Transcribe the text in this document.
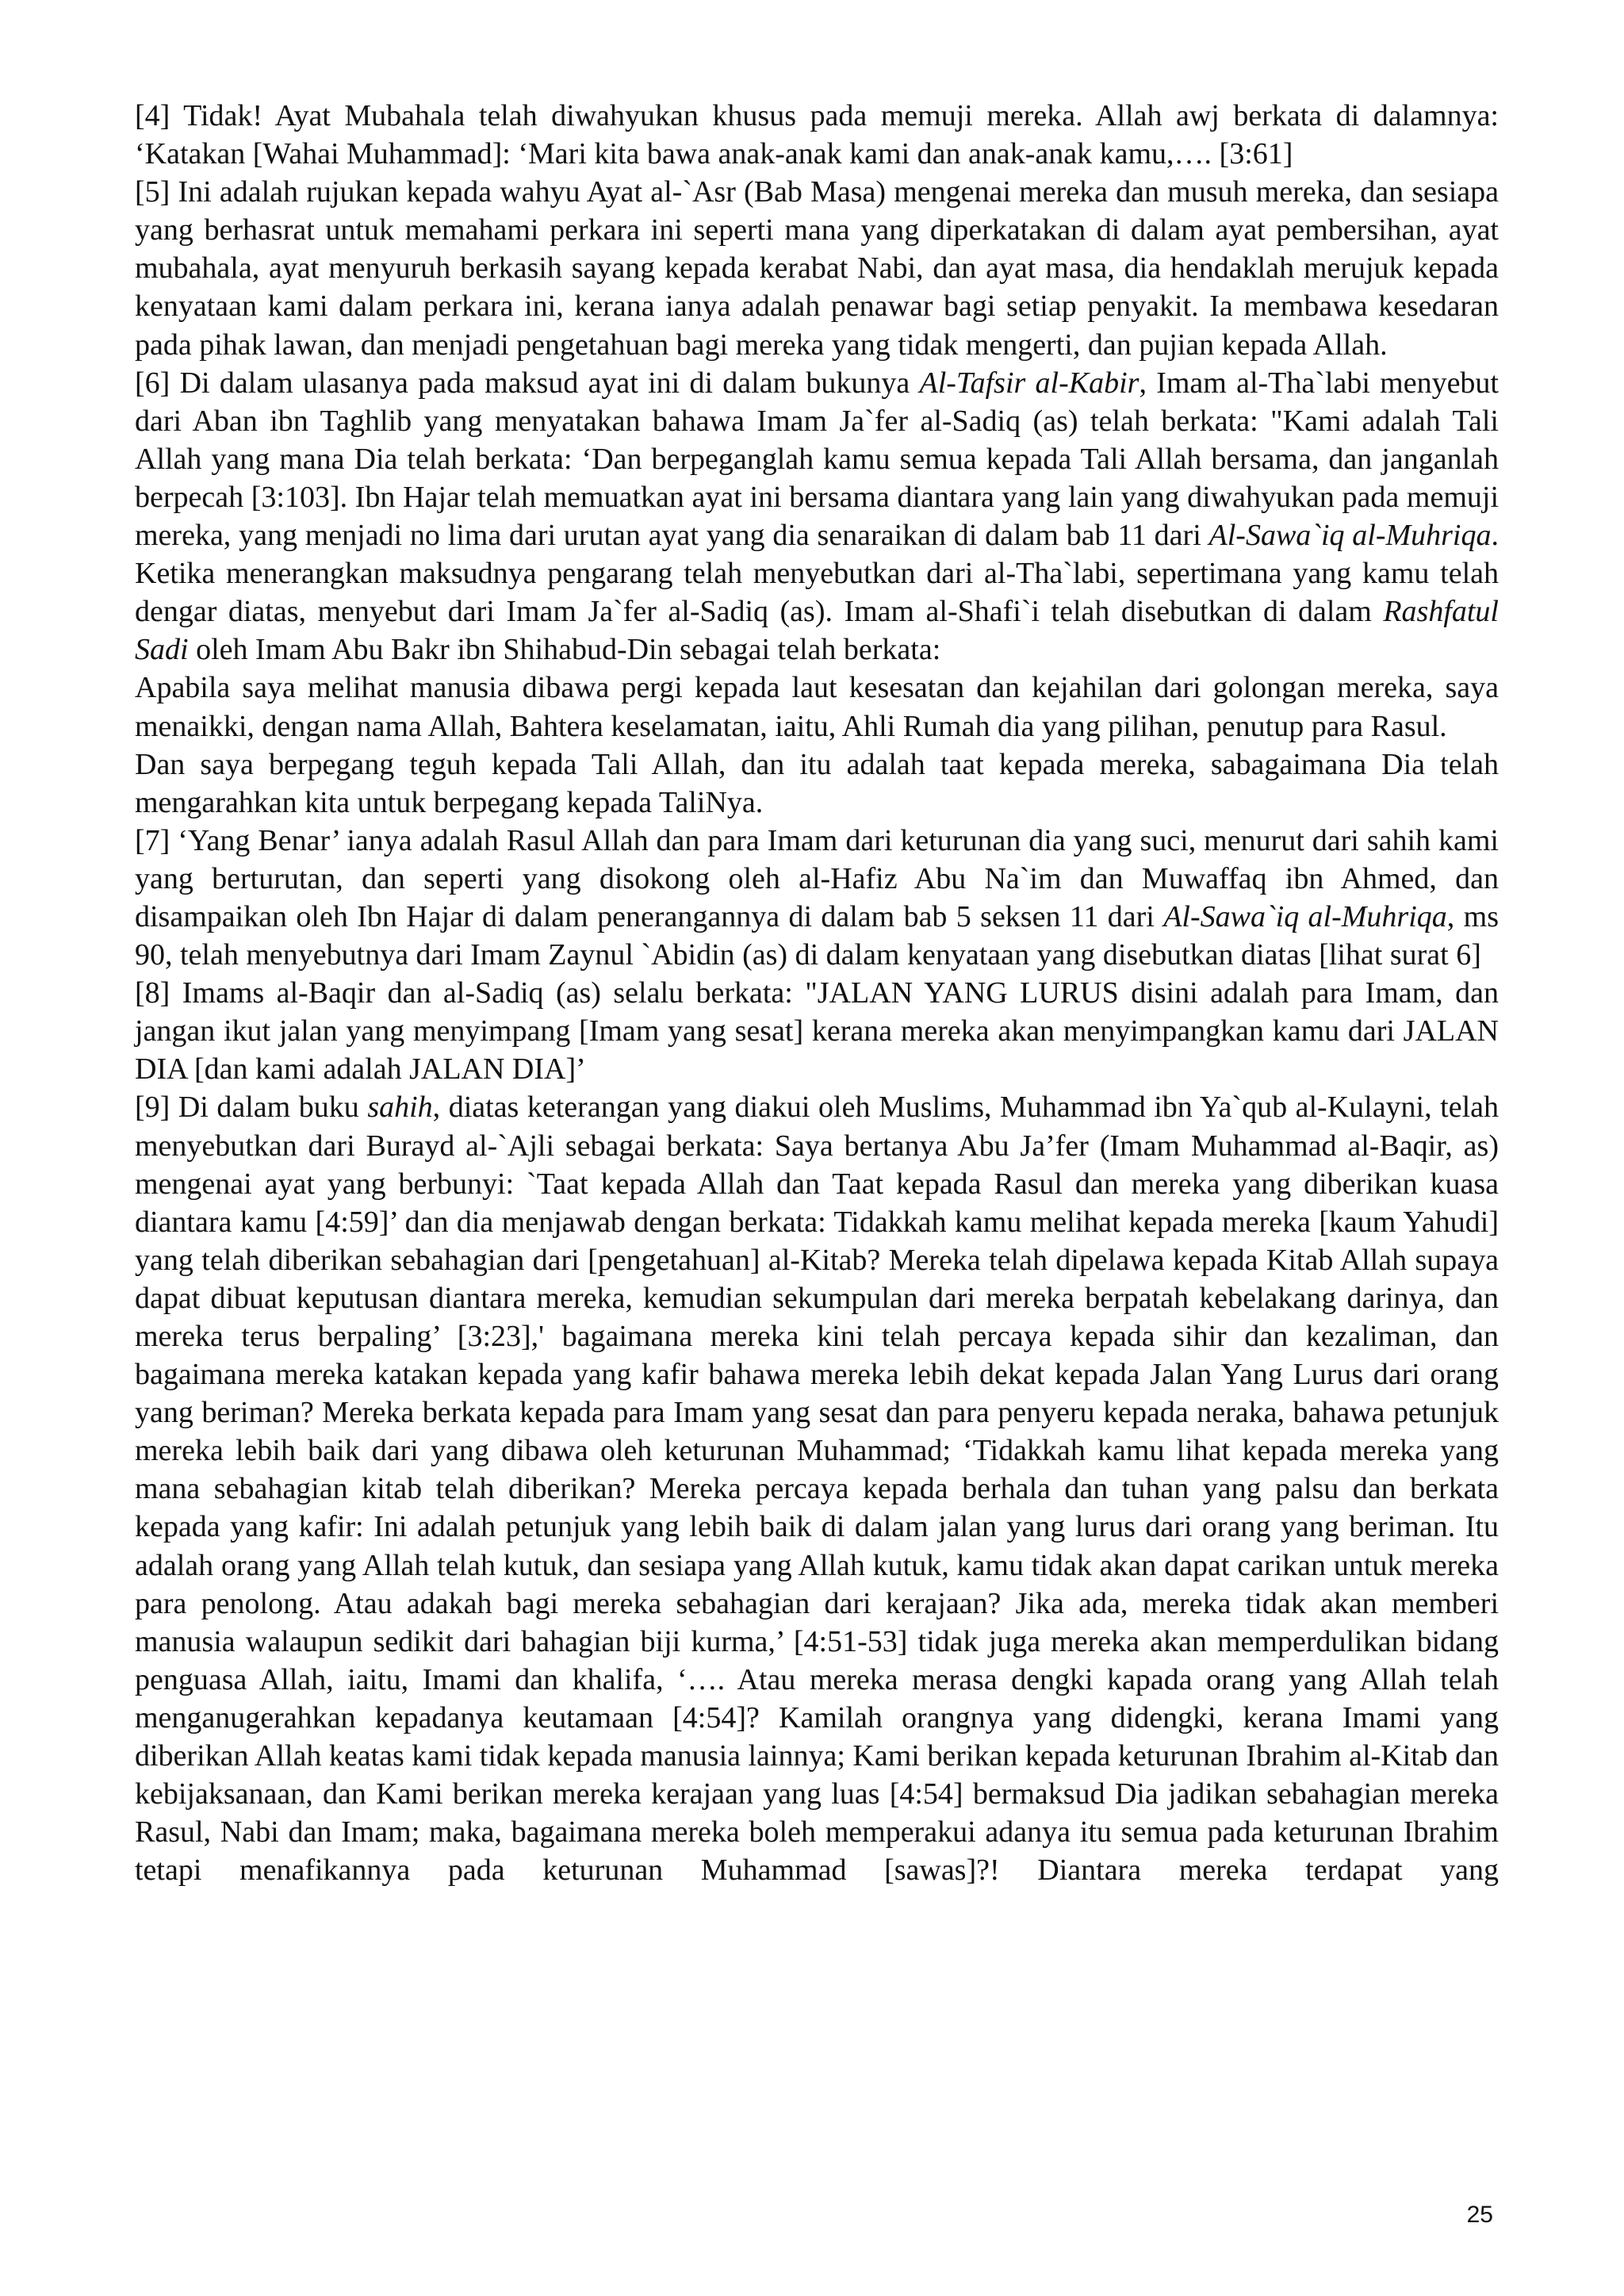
[4] Tidak! Ayat Mubahala telah diwahyukan khusus pada memuji mereka. Allah awj berkata di dalamnya: ‘Katakan [Wahai Muhammad]: ‘Mari kita bawa anak-anak kami dan anak-anak kamu,…. [3:61]

[5] Ini adalah rujukan kepada wahyu Ayat al-`Asr (Bab Masa) mengenai mereka dan musuh mereka, dan sesiapa yang berhasrat untuk memahami perkara ini seperti mana yang diperkatakan di dalam ayat pembersihan, ayat mubahala, ayat menyuruh berkasih sayang kepada kerabat Nabi, dan ayat masa, dia hendaklah merujuk kepada kenyataan kami dalam perkara ini, kerana ianya adalah penawar bagi setiap penyakit. Ia membawa kesedaran pada pihak lawan, dan menjadi pengetahuan bagi mereka yang tidak mengerti, dan pujian kepada Allah.

[6] Di dalam ulasanya pada maksud ayat ini di dalam bukunya Al-Tafsir al-Kabir, Imam al-Tha`labi menyebut dari Aban ibn Taghlib yang menyatakan bahawa Imam Ja`fer al-Sadiq (as) telah berkata: "Kami adalah Tali Allah yang mana Dia telah berkata: ‘Dan berpeganglah kamu semua kepada Tali Allah bersama, dan janganlah berpecah [3:103]. Ibn Hajar telah memuatkan ayat ini bersama diantara yang lain yang diwahyukan pada memuji mereka, yang menjadi no lima dari urutan ayat yang dia senaraikan di dalam bab 11 dari Al-Sawa`iq al-Muhriqa. Ketika menerangkan maksudnya pengarang telah menyebutkan dari al-Tha`labi, sepertimana yang kamu telah dengar diatas, menyebut dari Imam Ja`fer al-Sadiq (as). Imam al-Shafi`i telah disebutkan di dalam Rashfatul Sadi oleh Imam Abu Bakr ibn Shihabud-Din sebagai telah berkata:

Apabila saya melihat manusia dibawa pergi kepada laut kesesatan dan kejahilan dari golongan mereka, saya menaikki, dengan nama Allah, Bahtera keselamatan, iaitu, Ahli Rumah dia yang pilihan, penutup para Rasul.

Dan saya berpegang teguh kepada Tali Allah, dan itu adalah taat kepada mereka, sabagaimana Dia telah mengarahkan kita untuk berpegang kepada TaliNya.

[7] ‘Yang Benar’ ianya adalah Rasul Allah dan para Imam dari keturunan dia yang suci, menurut dari sahih kami yang berturutan, dan seperti yang disokong oleh al-Hafiz Abu Na`im dan Muwaffaq ibn Ahmed, dan disampaikan oleh Ibn Hajar di dalam penerangannya di dalam bab 5 seksen 11 dari Al-Sawa`iq al-Muhriqa, ms 90, telah menyebutnya dari Imam Zaynul `Abidin (as) di dalam kenyataan yang disebutkan diatas [lihat surat 6]

[8] Imams al-Baqir dan al-Sadiq (as) selalu berkata: "JALAN YANG LURUS disini adalah para Imam, dan jangan ikut jalan yang menyimpang [Imam yang sesat] kerana mereka akan menyimpangkan kamu dari JALAN DIA [dan kami adalah JALAN DIA]’

[9] Di dalam buku sahih, diatas keterangan yang diakui oleh Muslims, Muhammad ibn Ya`qub al-Kulayni, telah menyebutkan dari Burayd al-`Ajli sebagai berkata: Saya bertanya Abu Ja’fer (Imam Muhammad al-Baqir, as) mengenai ayat yang berbunyi: `Taat kepada Allah dan Taat kepada Rasul dan mereka yang diberikan kuasa diantara kamu [4:59]’ dan dia menjawab dengan berkata: Tidakkah kamu melihat kepada mereka [kaum Yahudi] yang telah diberikan sebahagian dari [pengetahuan] al-Kitab? Mereka telah dipelawa kepada Kitab Allah supaya dapat dibuat keputusan diantara mereka, kemudian sekumpulan dari mereka berpatah kebelakang darinya, dan mereka terus berpaling’ [3:23],' bagaimana mereka kini telah percaya kepada sihir dan kezaliman, dan bagaimana mereka katakan kepada yang kafir bahawa mereka lebih dekat kepada Jalan Yang Lurus dari orang yang beriman? Mereka berkata kepada para Imam yang sesat dan para penyeru kepada neraka, bahawa petunjuk mereka lebih baik dari yang dibawa oleh keturunan Muhammad; ‘Tidakkah kamu lihat kepada mereka yang mana sebahagian kitab telah diberikan? Mereka percaya kepada berhala dan tuhan yang palsu dan berkata kepada yang kafir: Ini adalah petunjuk yang lebih baik di dalam jalan yang lurus dari orang yang beriman. Itu adalah orang yang Allah telah kutuk, dan sesiapa yang Allah kutuk, kamu tidak akan dapat carikan untuk mereka para penolong. Atau adakah bagi mereka sebahagian dari kerajaan? Jika ada, mereka tidak akan memberi manusia walaupun sedikit dari bahagian biji kurma,’ [4:51-53] tidak juga mereka akan memperdulikan bidang penguasa Allah, iaitu, Imami dan khalifa, ‘…. Atau mereka merasa dengki kapada orang yang Allah telah menganugerahkan kepadanya keutamaan [4:54]? Kamilah orangnya yang didengki, kerana Imami yang diberikan Allah keatas kami tidak kepada manusia lainnya; Kami berikan kepada keturunan Ibrahim al-Kitab dan kebijaksanaan, dan Kami berikan mereka kerajaan yang luas [4:54] bermaksud Dia jadikan sebahagian mereka Rasul, Nabi dan Imam; maka, bagaimana mereka boleh memperakui adanya itu semua pada keturunan Ibrahim tetapi menafikannya pada keturunan Muhammad [sawas]?! Diantara mereka terdapat yang

25
